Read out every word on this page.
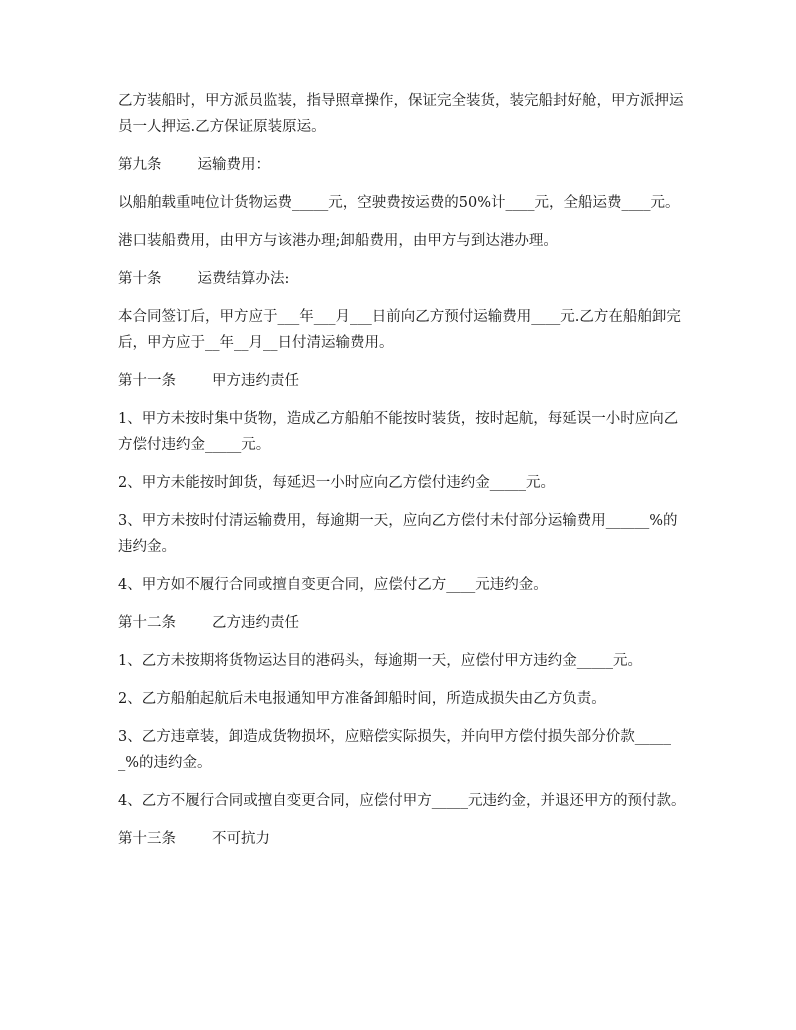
乙方装船时，甲方派员监装，指导照章操作，保证完全装货，装完船封好舱，甲方派押运员一人押运.乙方保证原装原运。

第九条 运输费用：

以船舶载重吨位计货物运费_____元，空驶费按运费的50%计____元，全船运费____元。

港口装船费用，由甲方与该港办理;卸船费用，由甲方与到达港办理。

第十条 运费结算办法:

本合同签订后，甲方应于___年___月___日前向乙方预付运输费用____元.乙方在船舶卸完后，甲方应于__年__月__日付清运输费用。

第十一条 甲方违约责任

1、甲方未按时集中货物，造成乙方船舶不能按时装货，按时起航，每延误一小时应向乙方偿付违约金_____元。

2、甲方未能按时卸货，每延迟一小时应向乙方偿付违约金_____元。

3、甲方未按时付清运输费用，每逾期一天，应向乙方偿付未付部分运输费用______%的违约金。

4、甲方如不履行合同或擅自变更合同，应偿付乙方____元违约金。

第十二条 乙方违约责任

1、乙方未按期将货物运达目的港码头，每逾期一天，应偿付甲方违约金_____元。

2、乙方船舶起航后未电报通知甲方准备卸船时间，所造成损失由乙方负责。

3、乙方违章装，卸造成货物损坏，应赔偿实际损失，并向甲方偿付损失部分价款______%的违约金。

4、乙方不履行合同或擅自变更合同，应偿付甲方_____元违约金，并退还甲方的预付款。

第十三条 不可抗力
